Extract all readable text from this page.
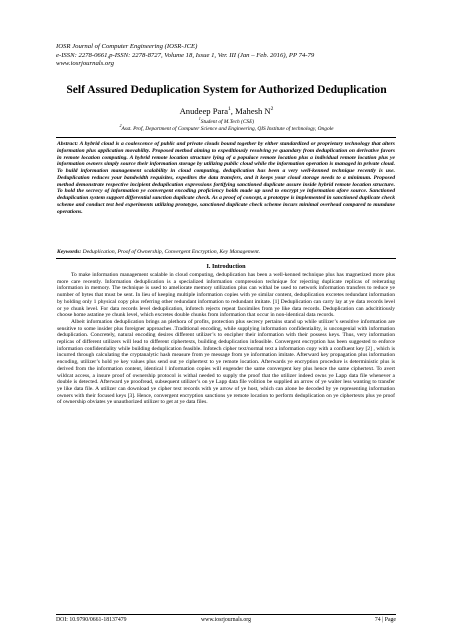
IOSR Journal of Computer Engineering (IOSR-JCE)
e-ISSN: 2278-0661,p-ISSN: 2278-8727, Volume 18, Issue 1, Ver. III (Jan – Feb. 2016), PP 74-79
www.iosrjournals.org
Self Assured Deduplication System for Authorized Deduplication
Anudeep Para$^1$, Mahesh $N^2$
$^1$Student of M.Tech (CSE)
$^2$Asst. Prof, Department of Computer Science and Engineering, QIS Institute of technology, Ongole
Abstract: A hybrid cloud is a coalescence of public and private clouds bound together by either standardized or proprietary technology that alters information plus application movability. Proposed method aiming to expeditiously resolving ye quandary from deduplication on derivative favors in remote location computing. A hybrid remote location structure lying of a populace remote location plus a individual remote location plus ye information owners simply source their information storage by utilizing public cloud while the information operation is managed in private cloud. To build information management scalability in cloud computing, deduplication has been a very well-kenned technique recently is use. Deduplication reduces your bandwidth requisites, expedites the data transfers, and it keeps your cloud storage needs to a minimum. Proposed method demonstrate respective incipient deduplication expressions fortifying sanctioned duplicate assure inside hybrid remote location structure. To hold the secrecy of information ye convergent encoding proficiency holds made up used to encrypt ye information afore source. Sanctioned deduplication system support differential sanction duplicate check. As a proof of concept, a prototype is implemented in sanctioned duplicate check scheme and conduct test bed experiments utilizing prototype, sanctioned duplicate check scheme incurs minimal overhead compared to mundane operations.
Keywords: Deduplication, Proof of Ownership, Convergent Encryption, Key Management.
I. Introduction

To make information management scalable in cloud computing, deduplication has been a well-kenned technique plus has magnetized more plus more care recently. Information deduplication is a specialized information compression technique for rejecting duplicate replicas of reiterating information in memory. The technique is used to ameliorate memory utilization plus can withal be used to network information transfers to reduce ye number of bytes that must be sent. In lieu of keeping multiple information copies with ye similar content, deduplication excretes redundant information by holding only 1 physical copy plus referring other redundant information to redundant imitate. [1] Deduplication can carry lay at ye data records level or ye chunk level. For data records level deduplication, infotech rejects repeat facsimiles from ye like data records. Deduplication can adscititiously choose home astatine ye chunk level, which excretes double chunks from information that occur in non-identical data records.

Albeit information deduplication brings an plethora of profits, protection plus secrecy pertains stand up while utilizer’s sensitive information are sensitive to some insider plus foreigner approaches .Traditional encoding, while supplying information confidentiality, is uncongenial with information deduplication. Concretely, natural encoding desires different utilizer’s to encipher their information with their possess keys. Thus, very information replicas of different utilizers will lead to different ciphertexts, building deduplication infeasible. Convergent encryption has been suggested to enforce information confidentiality while building deduplication feasible. Infotech cipher text/normal text a information copy with a confluent key [2] , which is incurred through calculating the cryptanalytic hash measure from ye message from ye information imitate. Afterward key propagation plus information encoding, utilizer’s hold ye key values plus send out ye ciphertext to ye remote location. Afterwards ye encryption procedure is deterministic plus is derived from the information content, identical l information copies will engender the same convergent key plus hence the same ciphertext. To avert wildcat access, a insure proof of ownership protocol is withal needed to supply the proof that the utilizer indeed owns ye Lapp data file whenever a double is detected. Afterward ye proofread, subsequent utilizer’s on ye Lapp data file volition be supplied an arrow of ye waiter less wanting to transfer ye like data file. A utilizer can download ye cipher text records with ye arrow of ye host, which can alone be decoded by ye representing information owners with their focused keys [3]. Hence, convergent encryption sanctions ye remote location to perform deduplication on ye ciphertexts plus ye proof of ownership obviates ye unauthorized utilizer to get at ye data files.

DOI: 10.9790/0661-18137479	www.iosrjournals.org	74 | Page
